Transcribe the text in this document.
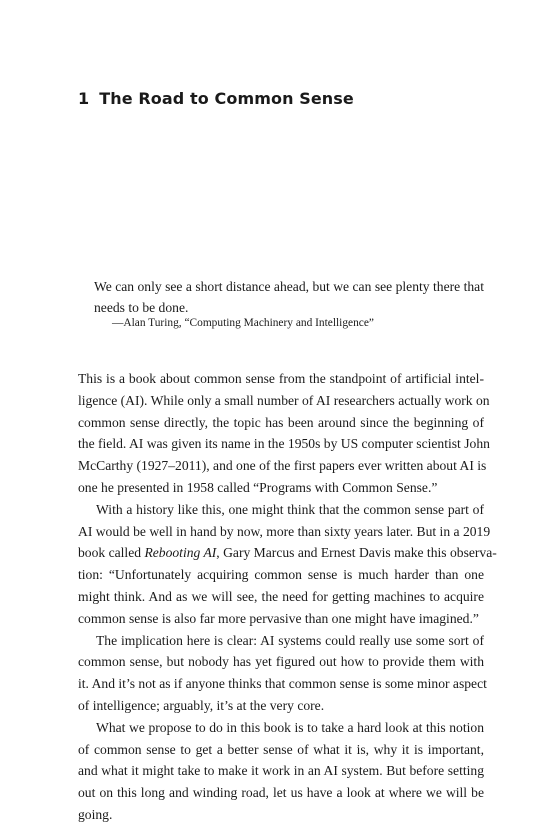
1 The Road to Common Sense
We can only see a short distance ahead, but we can see plenty there that needs to be done.
—Alan Turing, “Computing Machinery and Intelligence”
This is a book about common sense from the standpoint of artificial intel-
ligence (AI). While only a small number of AI researchers actually work on
common sense directly, the topic has been around since the beginning of
the field. AI was given its name in the 1950s by US computer scientist John
McCarthy (1927–2011), and one of the first papers ever written about AI is
one he presented in 1958 called “Programs with Common Sense.”
With a history like this, one might think that the common sense part of
AI would be well in hand by now, more than sixty years later. But in a 2019
book called Rebooting AI, Gary Marcus and Ernest Davis make this observa-
tion: “Unfortunately acquiring common sense is much harder than one
might think. And as we will see, the need for getting machines to acquire
common sense is also far more pervasive than one might have imagined.”
The implication here is clear: AI systems could really use some sort of
common sense, but nobody has yet figured out how to provide them with
it. And it’s not as if anyone thinks that common sense is some minor aspect
of intelligence; arguably, it’s at the very core.
What we propose to do in this book is to take a hard look at this notion
of common sense to get a better sense of what it is, why it is important,
and what it might take to make it work in an AI system. But before setting
out on this long and winding road, let us have a look at where we will be
going.
